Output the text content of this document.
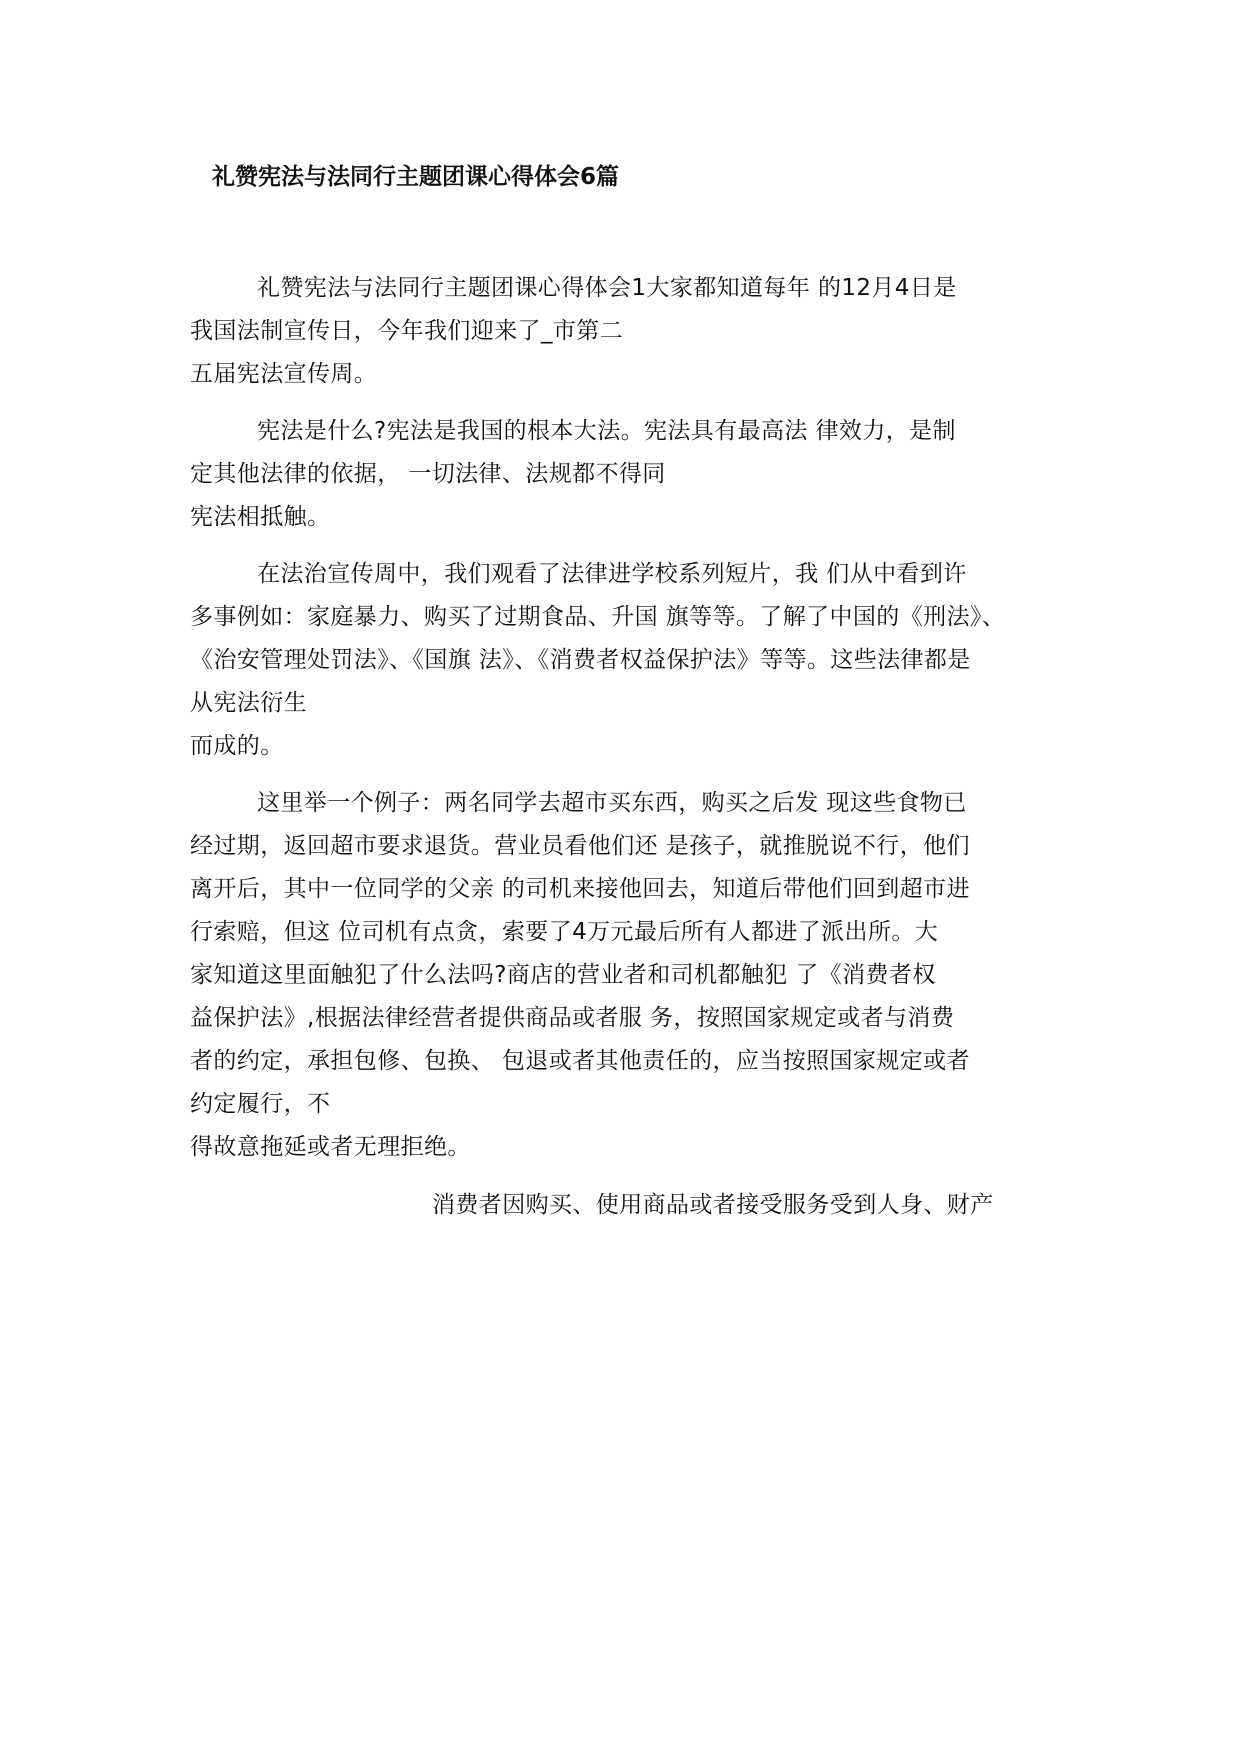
礼赞宪法与法同行主题团课心得体会6篇
礼赞宪法与法同行主题团课心得体会1大家都知道每年 的12月4日是
我国法制宣传日，今年我们迎来了_市第二
五届宪法宣传周。
宪法是什么?宪法是我国的根本大法。宪法具有最高法 律效力，是制
定其他法律的依据， 一切法律、法规都不得同
宪法相抵触。
在法治宣传周中，我们观看了法律进学校系列短片，我 们从中看到许
多事例如：家庭暴力、购买了过期食品、升国 旗等等。了解了中国的《刑法》、
《治安管理处罚法》、《国旗 法》、《消费者权益保护法》等等。这些法律都是
从宪法衍生
而成的。
这里举一个例子：两名同学去超市买东西，购买之后发 现这些食物已
经过期，返回超市要求退货。营业员看他们还 是孩子，就推脱说不行，他们
离开后，其中一位同学的父亲 的司机来接他回去，知道后带他们回到超市进
行索赔，但这 位司机有点贪，索要了4万元最后所有人都进了派出所。大
家知道这里面触犯了什么法吗?商店的营业者和司机都触犯 了《消费者权
益保护法》,根据法律经营者提供商品或者服 务，按照国家规定或者与消费
者的约定，承担包修、包换、 包退或者其他责任的，应当按照国家规定或者
约定履行，不
得故意拖延或者无理拒绝。
消费者因购买、使用商品或者接受服务受到人身、财产
